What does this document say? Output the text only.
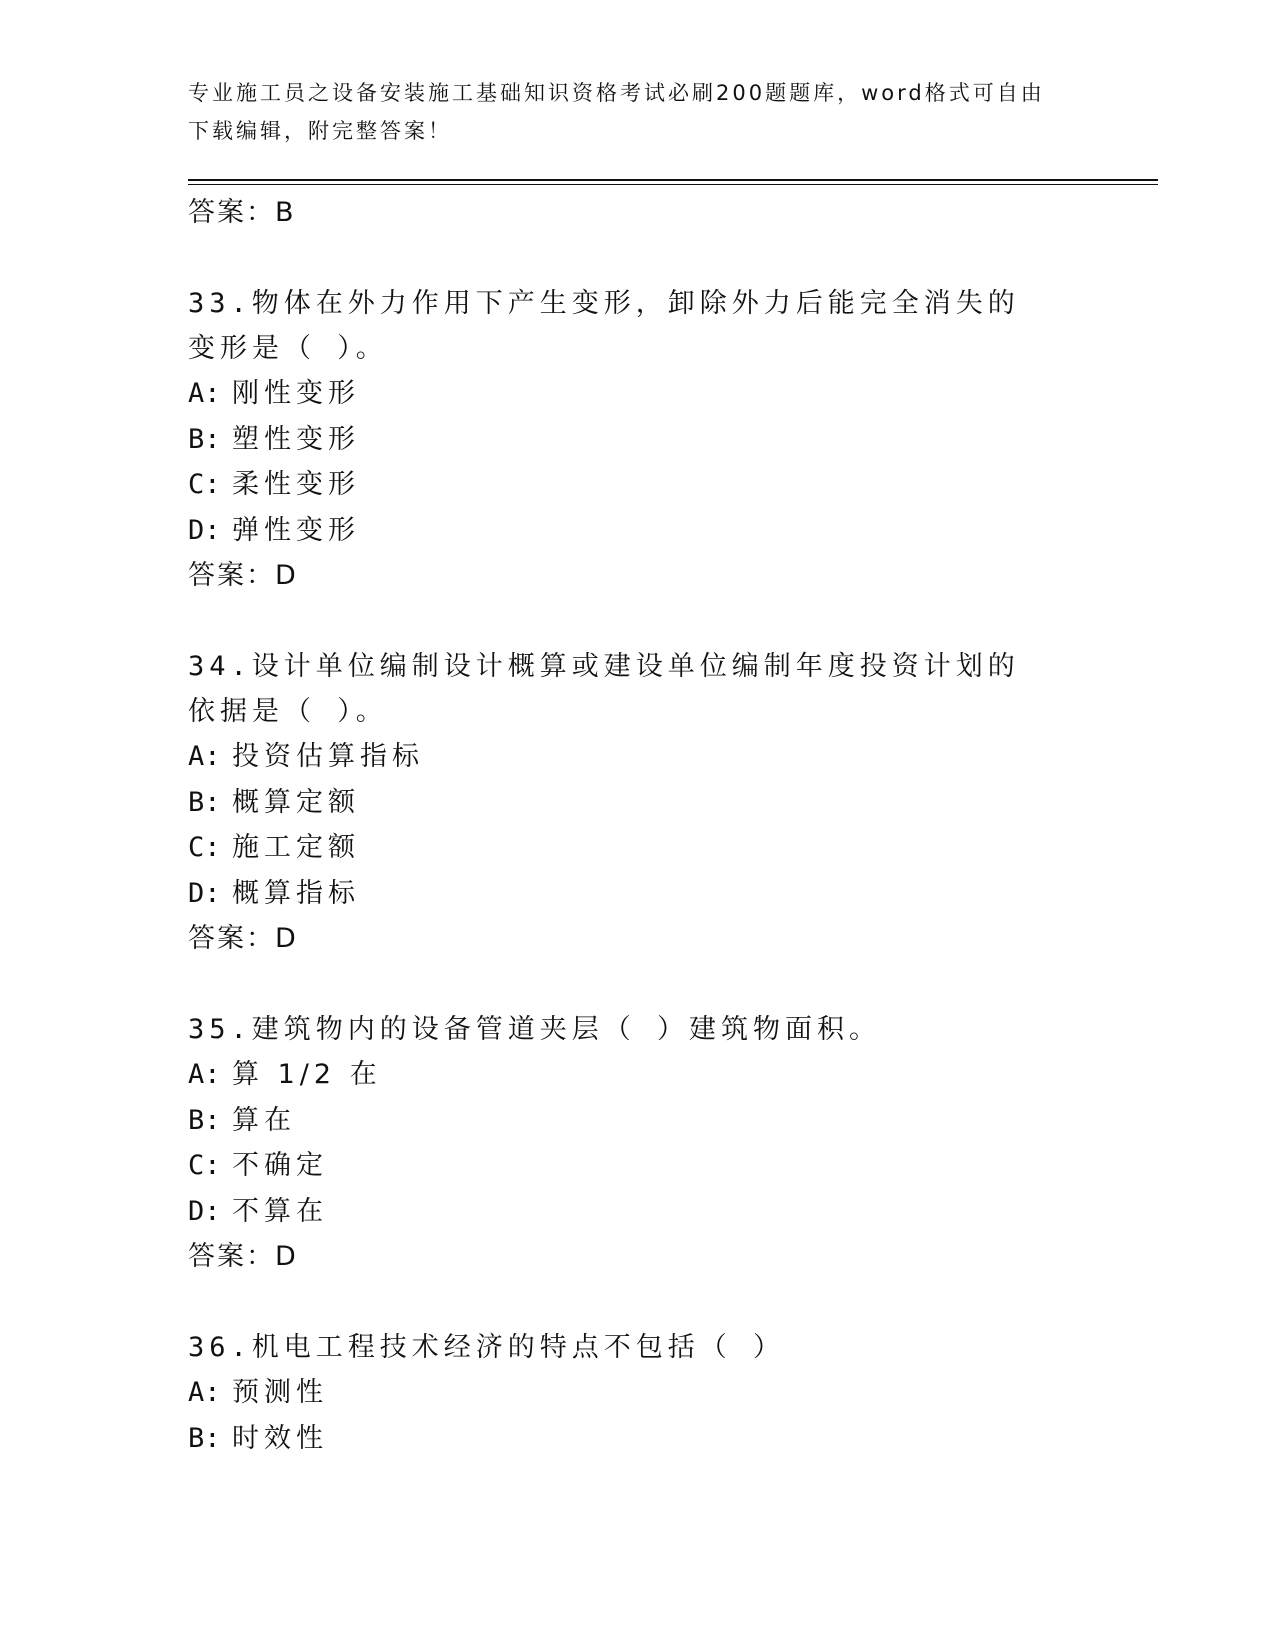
专业施工员之设备安装施工基础知识资格考试必刷200题题库，word格式可自由下载编辑，附完整答案！

答案：B

33.物体在外力作用下产生变形，卸除外力后能完全消失的变形是（ ）。

A: 刚性变形
B: 塑性变形
C: 柔性变形
D: 弹性变形

答案：D

34.设计单位编制设计概算或建设单位编制年度投资计划的依据是（ ）。

A: 投资估算指标
B: 概算定额
C: 施工定额
D: 概算指标

答案：D

35.建筑物内的设备管道夹层（ ）建筑物面积。

A: 算 1/2 在
B: 算在
C: 不确定
D: 不算在

答案：D

36.机电工程技术经济的特点不包括（ ）

A: 预测性
B: 时效性
